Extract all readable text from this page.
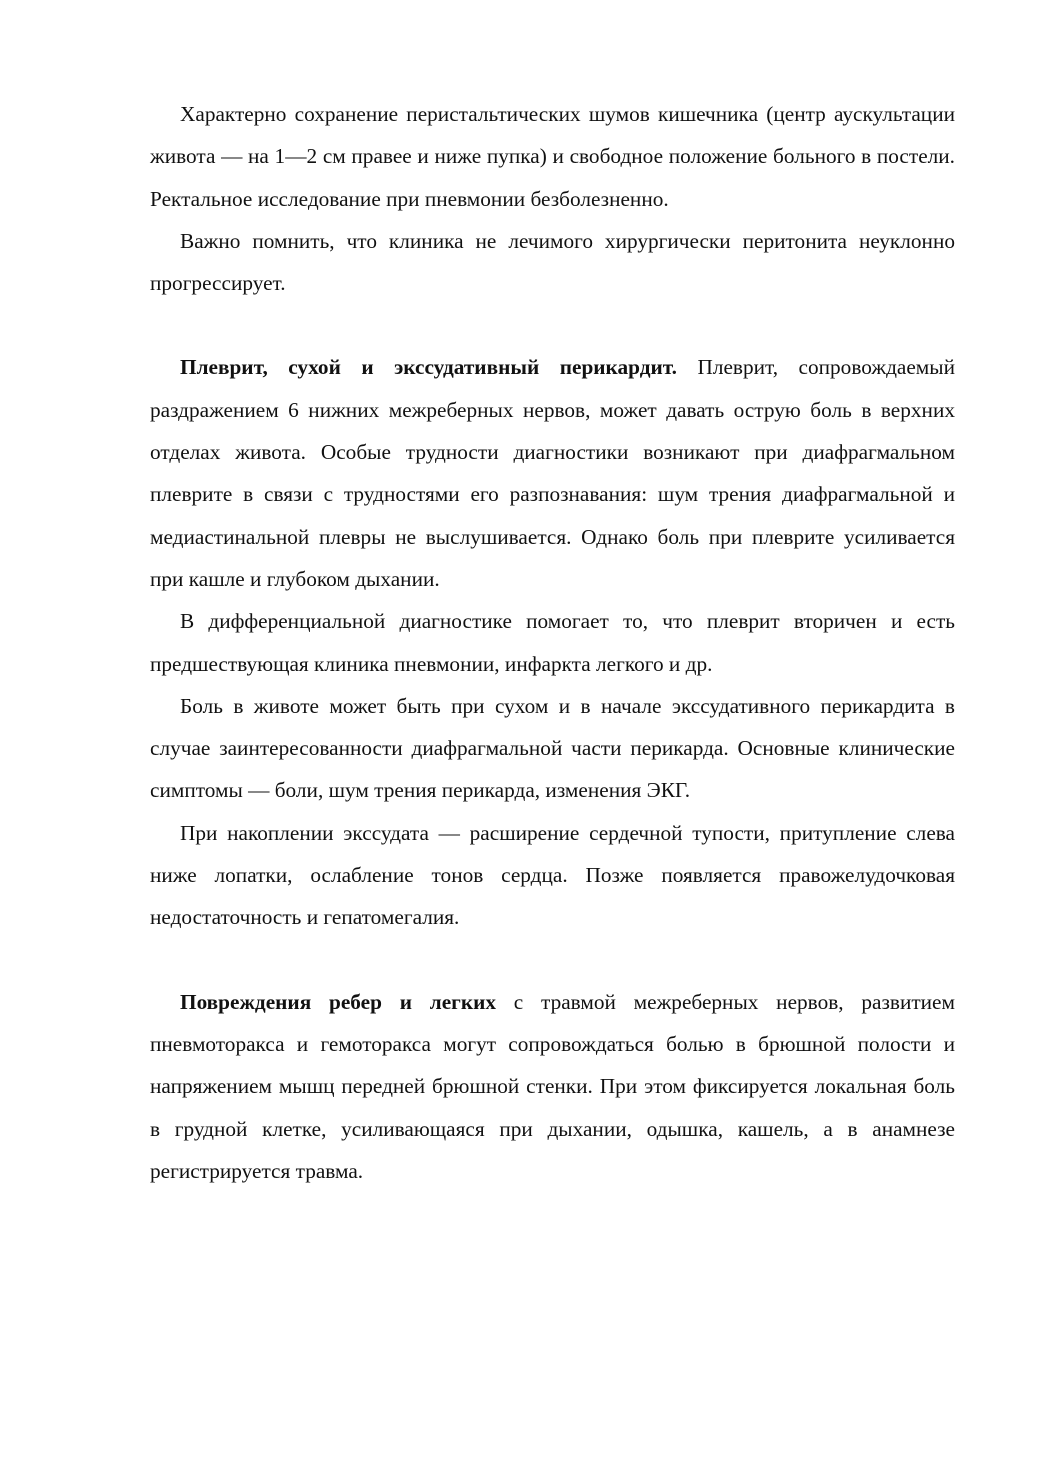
Характерно сохранение перистальтических шумов кишечника (центр аускультации живота — на 1—2 см правее и ниже пупка) и свободное положение больного в постели. Ректальное исследование при пневмонии безболезненно.

Важно помнить, что клиника не лечимого хирургически перитонита неуклонно прогрессирует.

Плеврит, сухой и экссудативный перикардит. Плеврит, сопровождаемый раздражением 6 нижних межреберных нервов, может давать острую боль в верхних отделах живота. Особые трудности диагностики возникают при диафрагмальном плеврите в связи с трудностями его разпознавания: шум трения диафрагмальной и медиастинальной плевры не выслушивается. Однако боль при плеврите усиливается при кашле и глубоком дыхании.

В дифференциальной диагностике помогает то, что плеврит вторичен и есть предшествующая клиника пневмонии, инфаркта легкого и др.

Боль в животе может быть при сухом и в начале экссудативного перикардита в случае заинтересованности диафрагмальной части перикарда. Основные клинические симптомы — боли, шум трения перикарда, изменения ЭКГ.

При накоплении экссудата — расширение сердечной тупости, притупление слева ниже лопатки, ослабление тонов сердца. Позже появляется правожелудочковая недостаточность и гепатомегалия.

Повреждения ребер и легких с травмой межреберных нервов, развитием пневмоторакса и гемоторакса могут сопровождаться болью в брюшной полости и напряжением мышц передней брюшной стенки. При этом фиксируется локальная боль в грудной клетке, усиливающаяся при дыхании, одышка, кашель, а в анамнезе регистрируется травма.
